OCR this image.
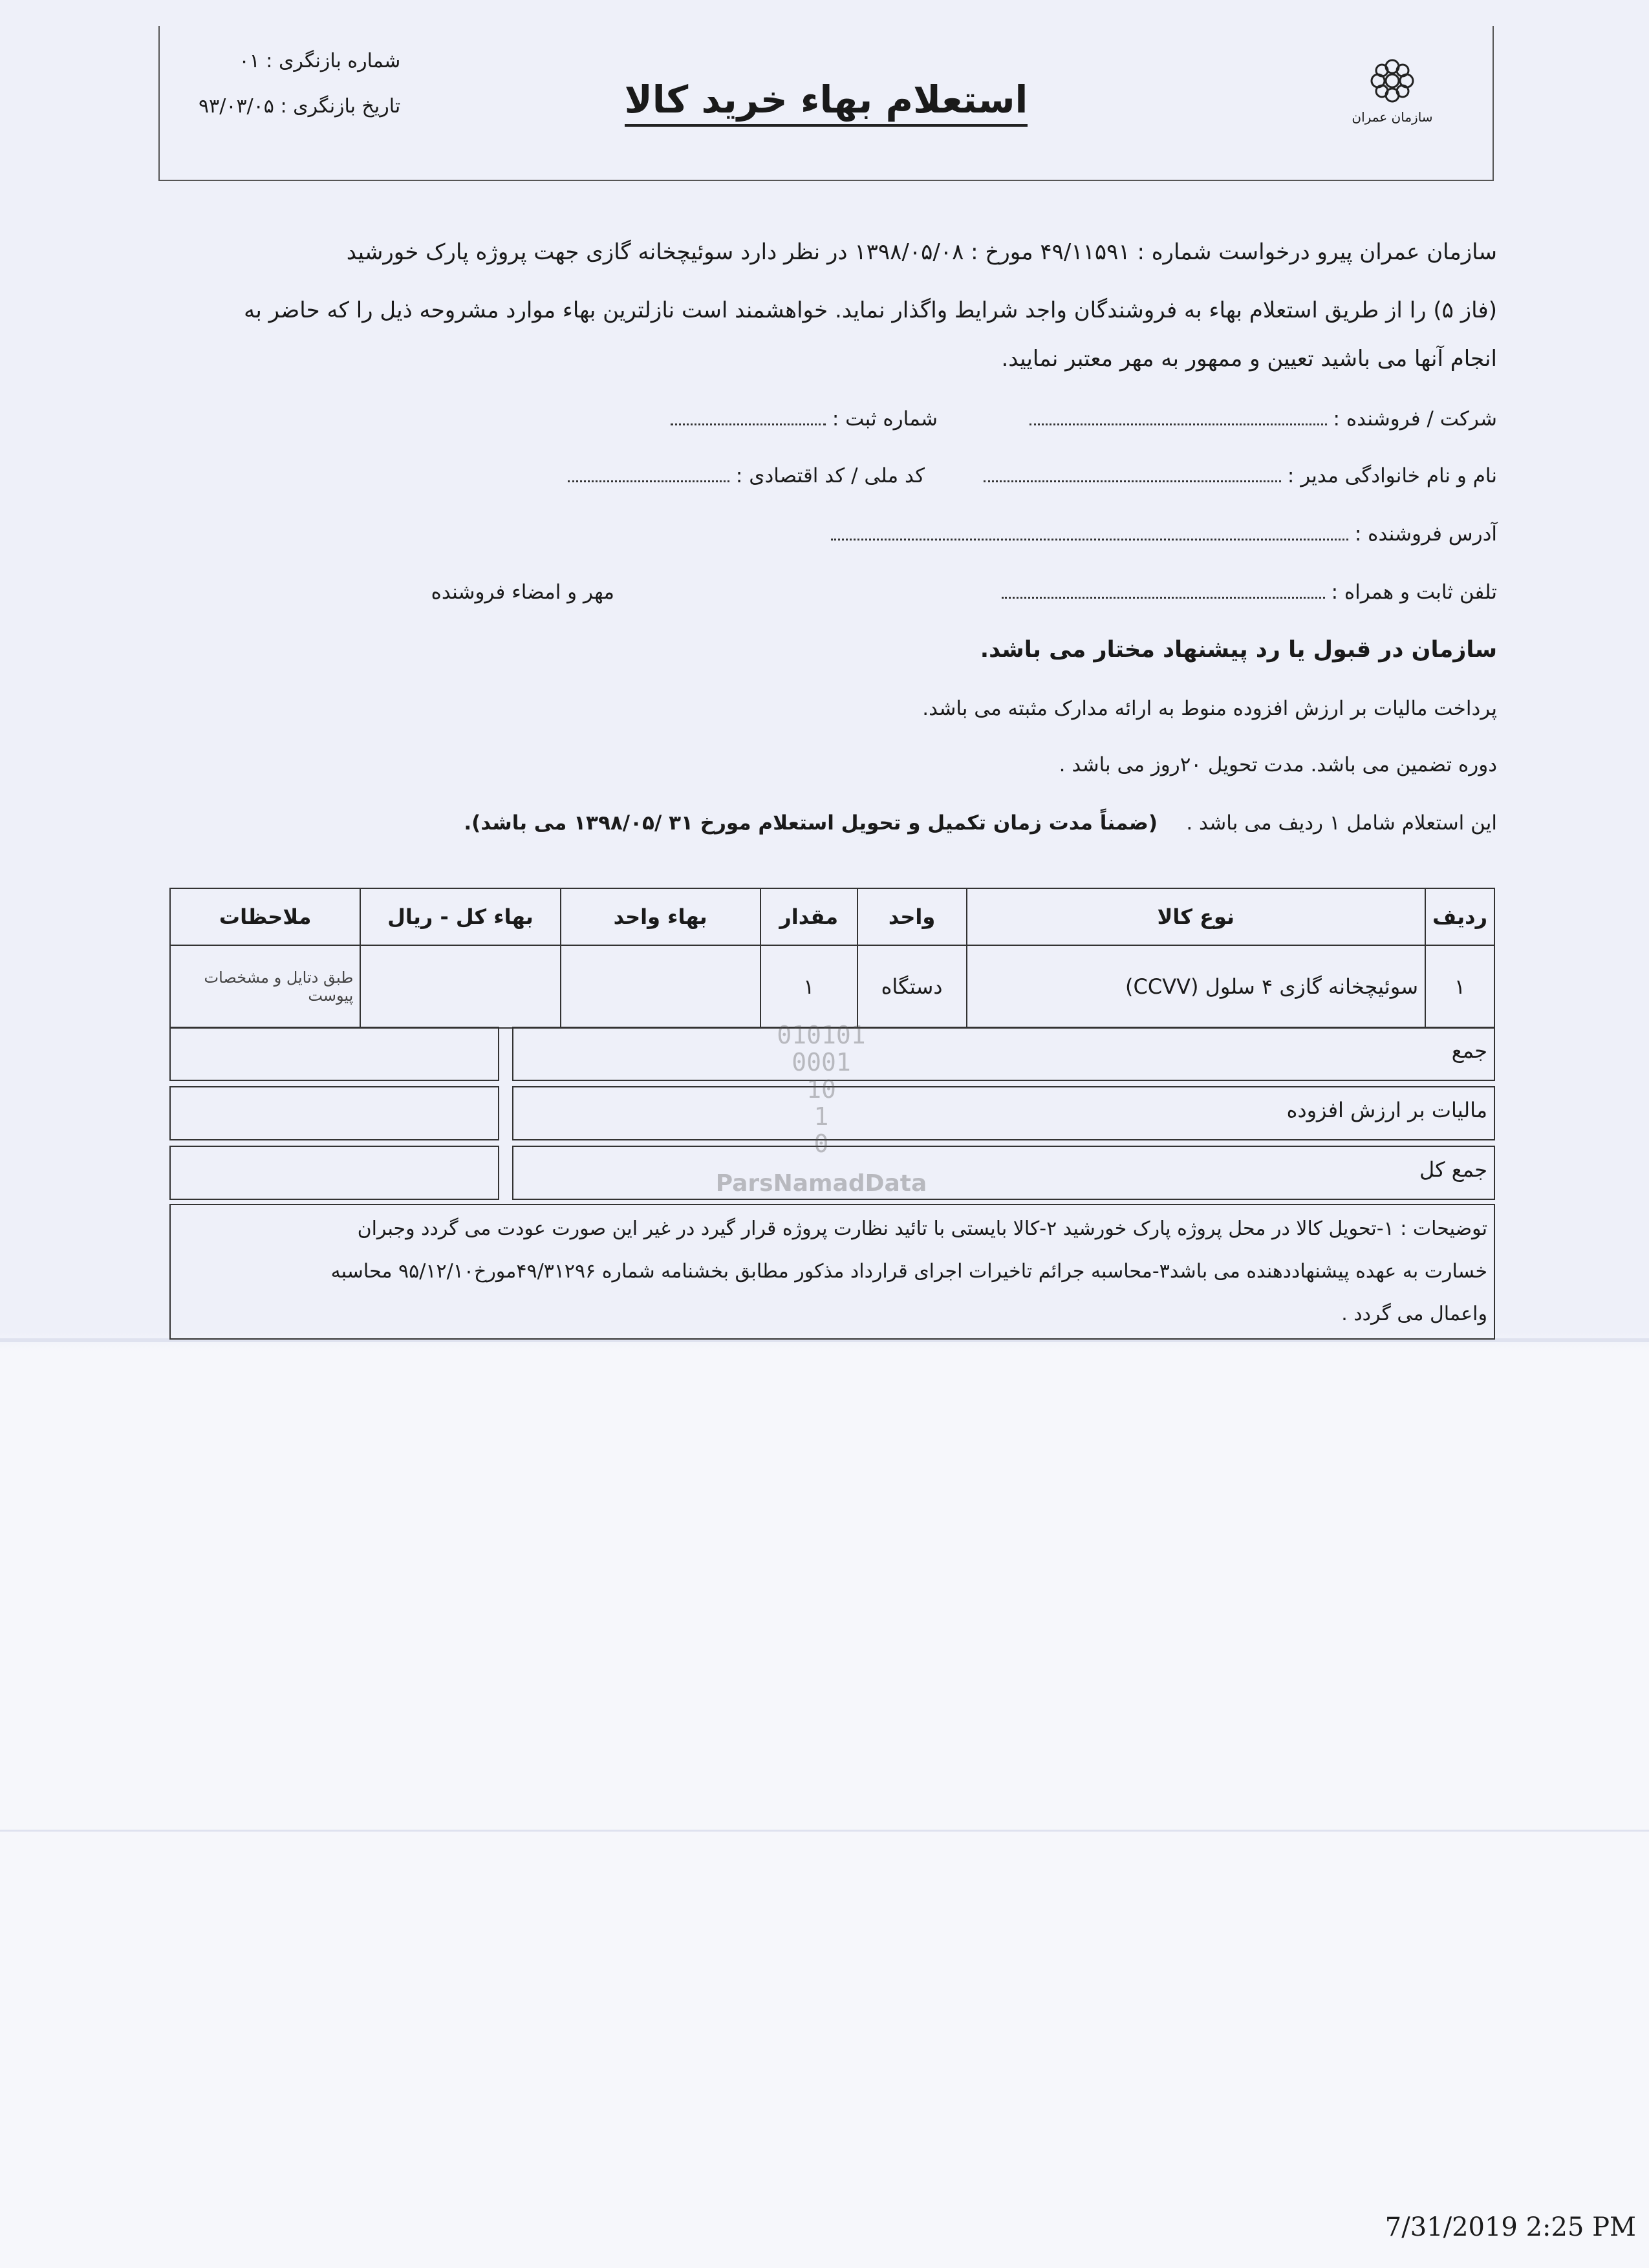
سازمان عمران
استعلام بهاء خرید کالا
شماره بازنگری : ۰۱
تاریخ بازنگری : ۹۳/۰۳/۰۵
سازمان عمران پیرو درخواست شماره : ۴۹/۱۱۵۹۱ مورخ : ۱۳۹۸/۰۵/۰۸ در نظر دارد سوئیچخانه گازی جهت پروژه پارک خورشید
(فاز ۵) را از طریق استعلام بهاء به فروشندگان واجد شرایط واگذار نماید. خواهشمند است نازلترین بهاء موارد مشروحه ذیل را که حاضر به
انجام آنها می باشید تعیین و ممهور به مهر معتبر نمایید.
شرکت / فروشنده :
شماره ثبت :
نام و نام خانوادگی مدیر :
کد ملی / کد اقتصادی :
آدرس فروشنده :
تلفن ثابت و همراه :
مهر و امضاء فروشنده
سازمان در قبول یا رد پیشنهاد مختار می باشد.
پرداخت مالیات بر ارزش افزوده منوط به ارائه مدارک مثبته می باشد.
دوره تضمین می باشد. مدت تحویل ۲۰روز می باشد .
این استعلام شامل ۱ ردیف می باشد .
(ضمناً مدت زمان تکمیل و تحویل استعلام مورخ ۳۱ /۱۳۹۸/۰۵ می باشد).
ردیف	نوع کالا	واحد	مقدار	بهاء واحد	بهاء کل - ریال	ملاحظات
۱	سوئیچخانه گازی ۴ سلول (CCVV)	دستگاه	۱			طبق دتایل و مشخصات پیوست
جمع
مالیات بر ارزش افزوده
جمع کل
توضیحات : ۱-تحویل کالا در محل پروژه پارک خورشید ۲-کالا بایستی با تائید نظارت پروژه قرار گیرد در غیر این صورت عودت می گردد وجبران
خسارت به عهده پیشنهاددهنده می باشد۳-محاسبه جرائم تاخیرات اجرای قرارداد مذکور مطابق بخشنامه شماره ۴۹/۳۱۲۹۶مورخ۹۵/۱۲/۱۰ محاسبه
واعمال می گردد .
010101
0001
10
1
0
ParsNamadData
7/31/2019 2:25 PM
